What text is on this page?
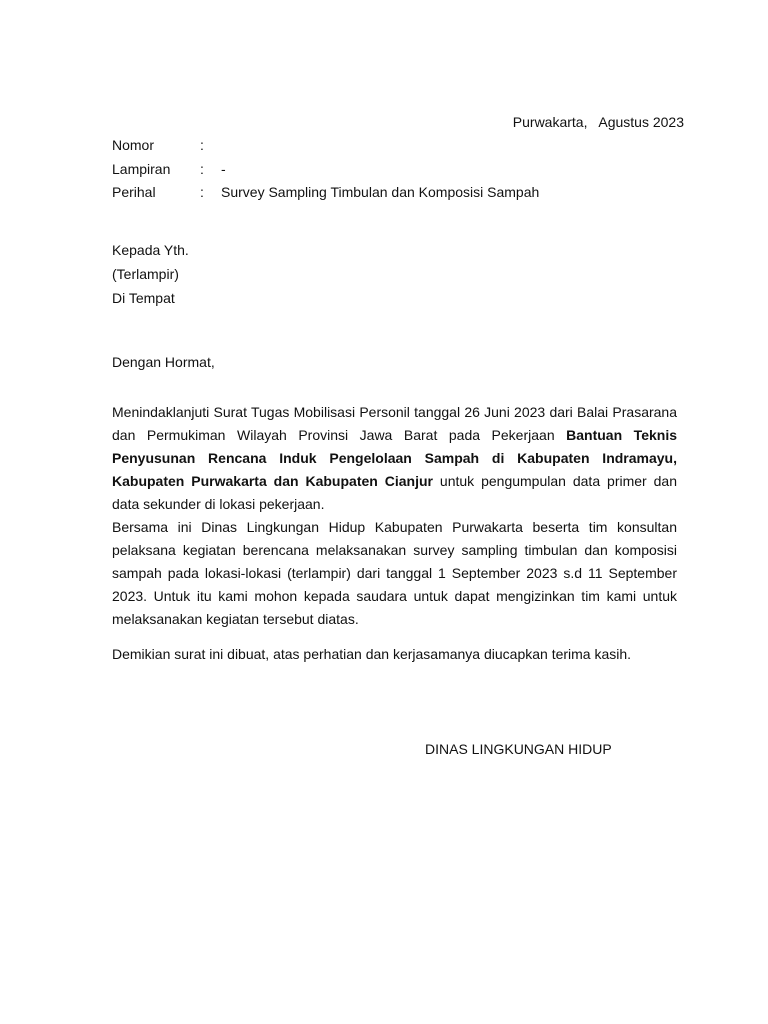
Purwakarta,   Agustus 2023
Nomor	:
Lampiran	:	-
Perihal	:	Survey Sampling Timbulan dan Komposisi Sampah
Kepada Yth.
(Terlampir)
Di Tempat
Dengan Hormat,

Menindaklanjuti Surat Tugas Mobilisasi Personil tanggal 26 Juni 2023 dari Balai Prasarana dan Permukiman Wilayah Provinsi Jawa Barat pada Pekerjaan Bantuan Teknis Penyusunan Rencana Induk Pengelolaan Sampah di Kabupaten Indramayu, Kabupaten Purwakarta dan Kabupaten Cianjur untuk pengumpulan data primer dan data sekunder di lokasi pekerjaan.

Bersama ini Dinas Lingkungan Hidup Kabupaten Purwakarta beserta tim konsultan pelaksana kegiatan berencana melaksanakan survey sampling timbulan dan komposisi sampah pada lokasi-lokasi (terlampir) dari tanggal 1 September 2023 s.d 11 September 2023. Untuk itu kami mohon kepada saudara untuk dapat mengizinkan tim kami untuk melaksanakan kegiatan tersebut diatas.

Demikian surat ini dibuat, atas perhatian dan kerjasamanya diucapkan terima kasih.
DINAS LINGKUNGAN HIDUP
